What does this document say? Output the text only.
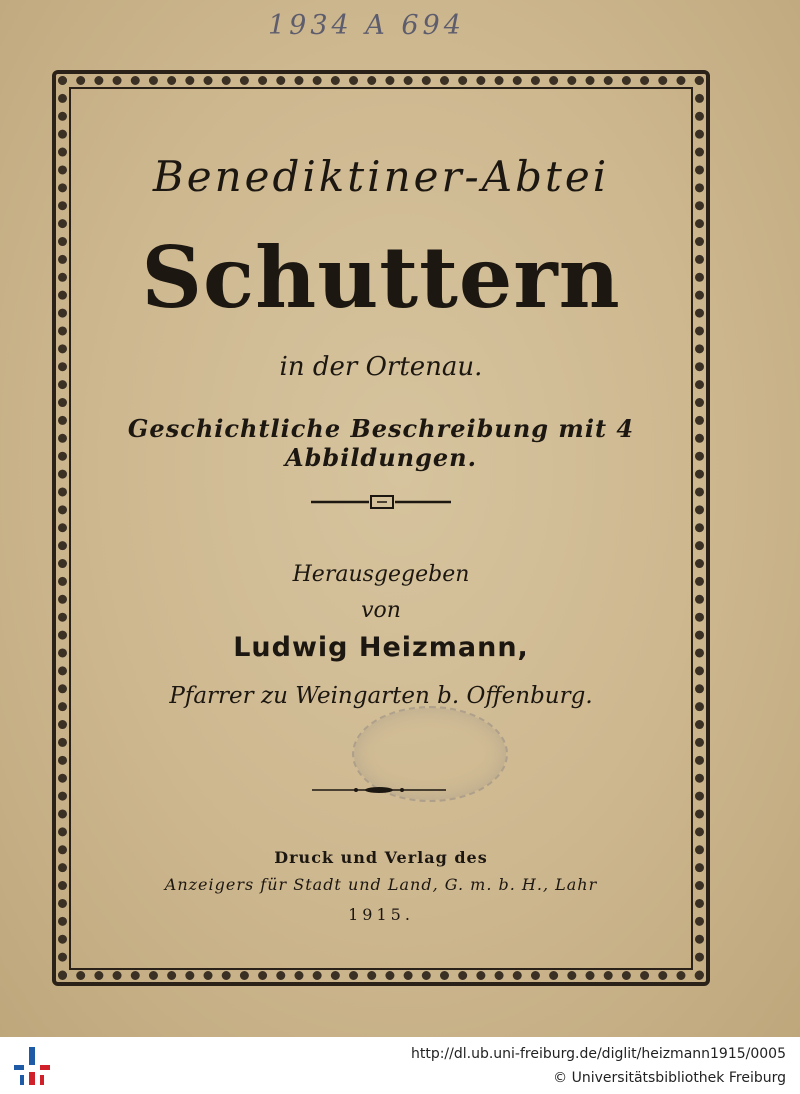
1934 A 694
Benediktiner-Abtei
Schuttern
in der Ortenau.
Geschichtliche Beschreibung mit 4 Abbildungen.
Herausgegeben
von
Ludwig Heizmann,
Pfarrer zu Weingarten b. Offenburg.
Druck und Verlag des
Anzeigers für Stadt und Land, G. m. b. H., Lahr
1915.
http://dl.ub.uni-freiburg.de/diglit/heizmann1915/0005
© Universitätsbibliothek Freiburg
